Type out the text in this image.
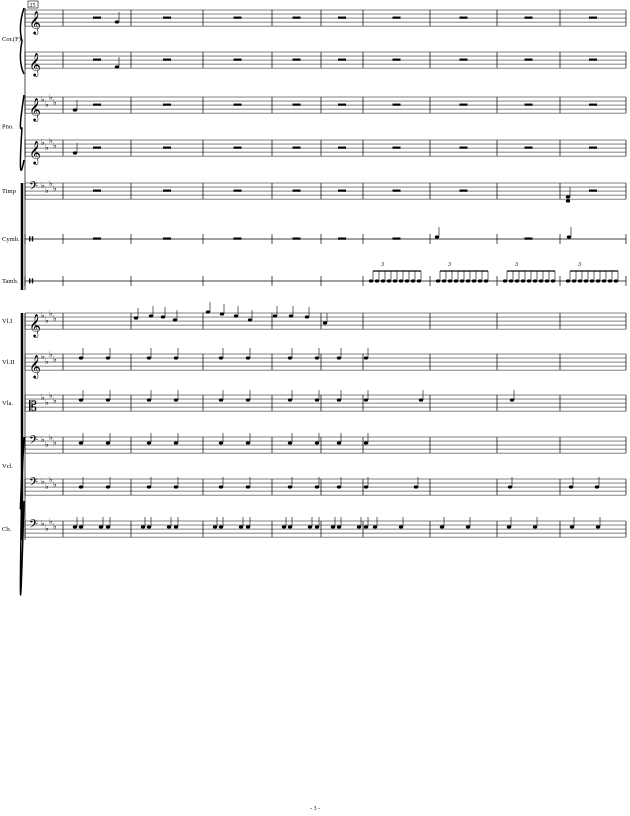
𝄞
𝄞
𝄞 ♭
♭
♭
♭
𝄞 ♭
♭
♭
♭
𝄢 ♭
♭
♭
♭
𝄥
𝄥
𝄞 ♭
♭
♭
♭
𝄞 ♭
♭
♭
♭
𝄡
♭
♭
♭
♭
𝄢 ♭
♭
♭
♭
𝄢 ♭
♭
♭
♭
𝄢 ♭
♭
♭
♭
3	3	3	3
Cor.(F)
Pno.
Timp
Cymb.
Tamb.
Vl.I
Vl.II
Vla.
Vcl.
Cb.
25
- 3 -
